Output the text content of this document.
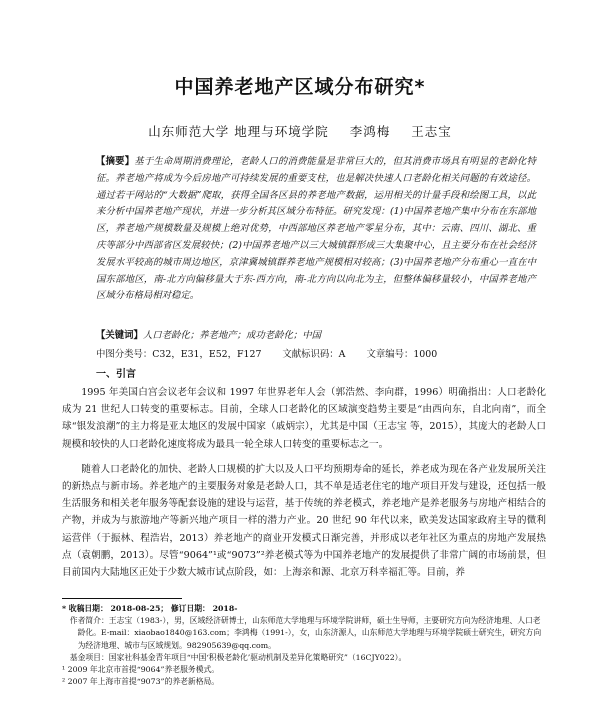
中国养老地产区域分布研究*
山东师范大学 地理与环境学院 李鸿梅 王志宝
【摘要】基于生命周期消费理论，老龄人口的消费能量是非常巨大的，但其消费市场具有明显的老龄化特征。养老地产将成为今后房地产可持续发展的重要支柱，也是解决快速人口老龄化相关问题的有效途径。通过若干网站的“大数据”爬取，获得全国各区县的养老地产数据，运用相关的计量手段和绘图工具，以此来分析中国养老地产现状，并进一步分析其区域分布特征。研究发现：(1)中国养老地产集中分布在东部地区，养老地产规模数量及规模上绝对优势，中西部地区养老地产零星分布，其中：云南、四川、湖北、重庆等部分中西部省区发展较快；(2)中国养老地产以三大城镇群形成三大集聚中心，且主要分布在社会经济发展水平较高的城市周边地区，京津冀城镇群养老地产规模相对较高；(3)中国养老地产分布重心一直在中国东部地区，南-北方向偏移量大于东-西方向，南-北方向以向北为主，但整体偏移量较小，中国养老地产区域分布格局相对稳定。
【关键词】人口老龄化；养老地产；成功老龄化；中国
中图分类号：C32，E31，E52，F127 文献标识码：A 文章编号：1000
一、引言

1995 年美国白宫会议老年会议和 1997 年世界老年人会（郭浩然、李向群，1996）明确指出：人口老龄化成为 21 世纪人口转变的重要标志。目前，全球人口老龄化的区域演变趋势主要是“由西向东，自北向南”，而全球“银发浪潮”的主力将是亚太地区的发展中国家（戚炳宗），尤其是中国（王志宝 等，2015），其庞大的老龄人口规模和较快的人口老龄化速度将成为最具一轮全球人口转变的重要标志之一。

随着人口老龄化的加快、老龄人口规模的扩大以及人口平均预期寿命的延长，养老成为现在各产业发展所关注的新热点与新市场。养老地产的主要服务对象是老龄人口，其不单是适老住宅的地产项目开发与建设，还包括一般生活服务和相关老年服务等配套设施的建设与运营，基于传统的养老模式，养老地产是养老服务与房地产相结合的产物，并成为与旅游地产等新兴地产项目一样的潜力产业。20 世纪 90 年代以来，欧美发达国家政府主导的微利运营伴（于振林、程浩岩，2013）养老地产的商业开发模式日渐完善，并形成以老年社区为重点的房地产发展热点（袁朝鹏，2013）。尽管“9064”¹或“9073”²养老模式等为中国养老地产的发展提供了非常广阔的市场前景，但目前国内大陆地区正处于少数大城市试点阶段，如：上海亲和源、北京万科幸福汇等。目前，养

* 收稿日期： 2018-08-25； 修订日期： 2018-

作者简介：王志宝（1983-），男，区域经济研博士，山东师范大学地理与环境学院讲师，硕士生导师，主要研究方向为经济地理、人口老龄化。E-mail：xiaobao1840@163.com；李鸿梅（1991-），女，山东济源人，山东师范大学地理与环境学院硕士研究生，研究方向为经济地理、城市与区域规划。982905639@qq.com。

基金项目：国家社科基金青年项目“中国‘积极老龄化’驱动机制及差异化策略研究”（16CJY022）。

¹ 2009 年北京市首提“9064”养老服务模式。

² 2007 年上海市首提“9073”的养老新格局。
